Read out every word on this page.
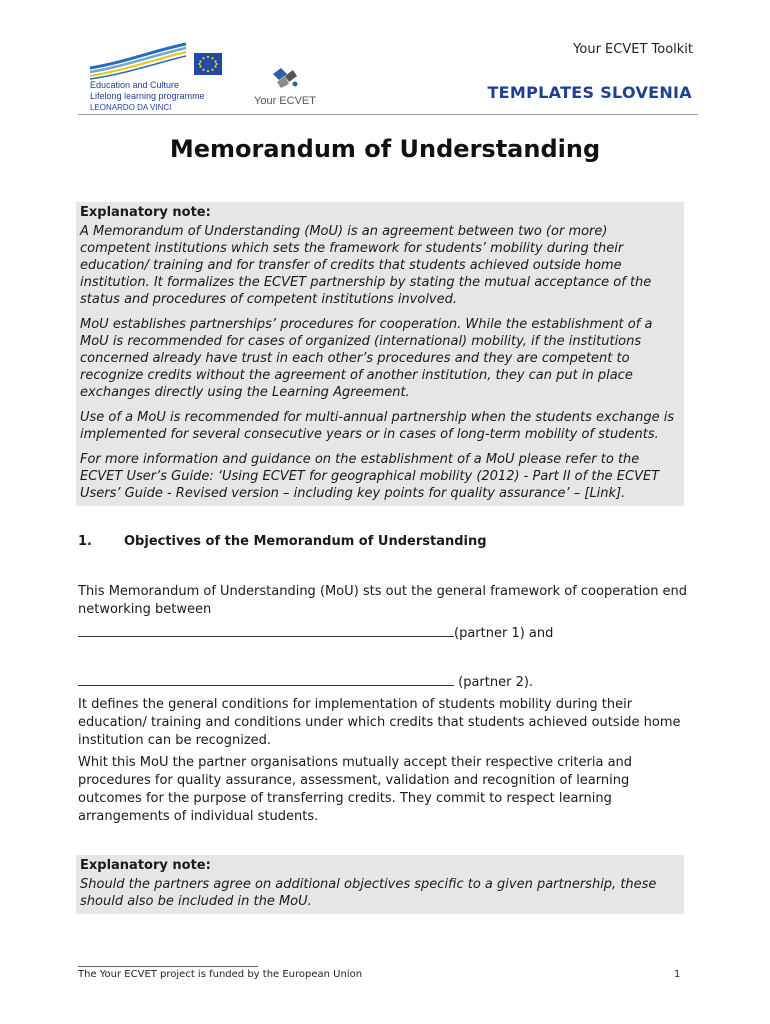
Education and Culture
Lifelong learning programme
LEONARDO DA VINCI
Your ECVET
Your ECVET Toolkit
TEMPLATES SLOVENIA
Memorandum of Understanding
Explanatory note:

A Memorandum of Understanding (MoU) is an agreement between two (or more) competent institutions which sets the framework for students’ mobility during their education/ training and for transfer of credits that students achieved outside home institution. It formalizes the ECVET partnership by stating the mutual acceptance of the status and procedures of competent institutions involved.

MoU establishes partnerships’ procedures for cooperation. While the establishment of a MoU is recommended for cases of organized (international) mobility, if the institutions concerned already have trust in each other’s procedures and they are competent to recognize credits without the agreement of another institution, they can put in place exchanges directly using the Learning Agreement.

Use of a MoU is recommended for multi-annual partnership when the students exchange is implemented for several consecutive years or in cases of long-term mobility of students.

For more information and guidance on the establishment of a MoU please refer to the ECVET User’s Guide: ‘Using ECVET for geographical mobility (2012) - Part II of the ECVET Users’ Guide - Revised version – including key points for quality assurance’ – [Link].

1. Objectives of the Memorandum of Understanding

This Memorandum of Understanding (MoU) sts out the general framework of cooperation end networking between

(partner 1) and
(partner 2).

It defines the general conditions for implementation of students mobility during their education/ training and conditions under which credits that students achieved outside home institution can be recognized.

Whit this MoU the partner organisations mutually accept their respective criteria and procedures for quality assurance, assessment, validation and recognition of learning outcomes for the purpose of transferring credits. They commit to respect learning arrangements of individual students.

Explanatory note:

Should the partners agree on additional objectives specific to a given partnership, these should also be included in the MoU.

The Your ECVET project is funded by the European Union	1
